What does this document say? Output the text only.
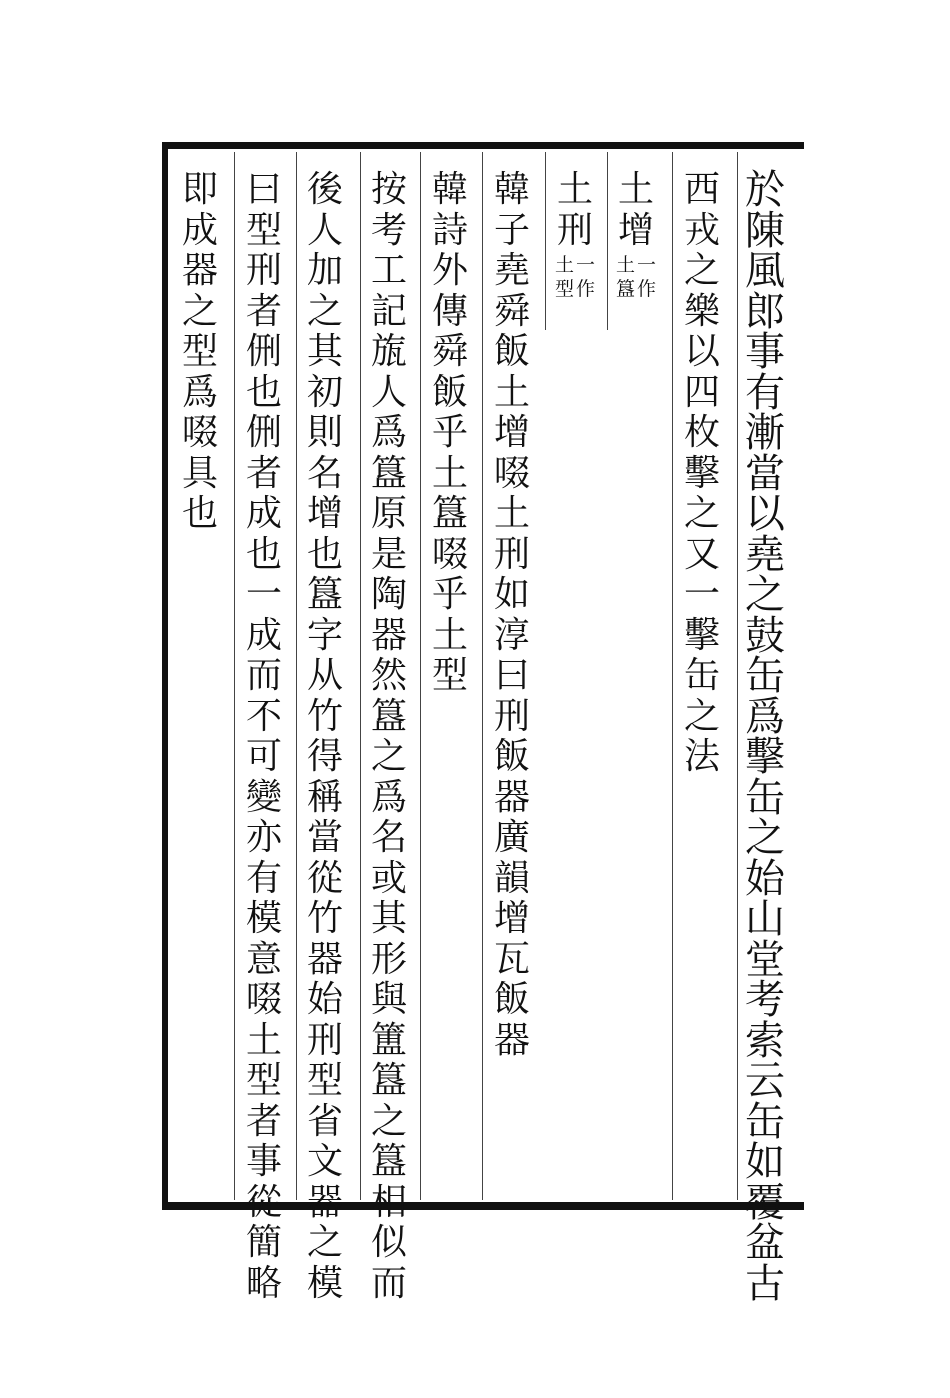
於
陳
風
郎
事
有
漸
當
以
堯
之
鼓
缶
爲
擊
缶
之
始
山
堂
考
索
云
缶
如
覆
盆
古
西
戎
之
樂
以
四
枚
擊
之
又
一
擊
缶
之
法
土
增
土
簋
一
作
土
刑
土
型
一
作
韓
子
堯
舜
飯
土
增
啜
土
刑
如
淳
曰
刑
飯
器
廣
韻
增
瓦
飯
器
韓
詩
外
傳
舜
飯
乎
土
簋
啜
乎
土
型
按
考
工
記
旊
人
爲
簋
原
是
陶
器
然
簋
之
爲
名
或
其
形
與
簠
簋
之
簋
相
似
而
後
人
加
之
其
初
則
名
增
也
簋
字
从
竹
得
稱
當
從
竹
器
始
刑
型
省
文
器
之
模
曰
型
刑
者
侀
也
侀
者
成
也
一
成
而
不
可
變
亦
有
模
意
啜
土
型
者
事
從
簡
略
即
成
器
之
型
爲
啜
具
也
